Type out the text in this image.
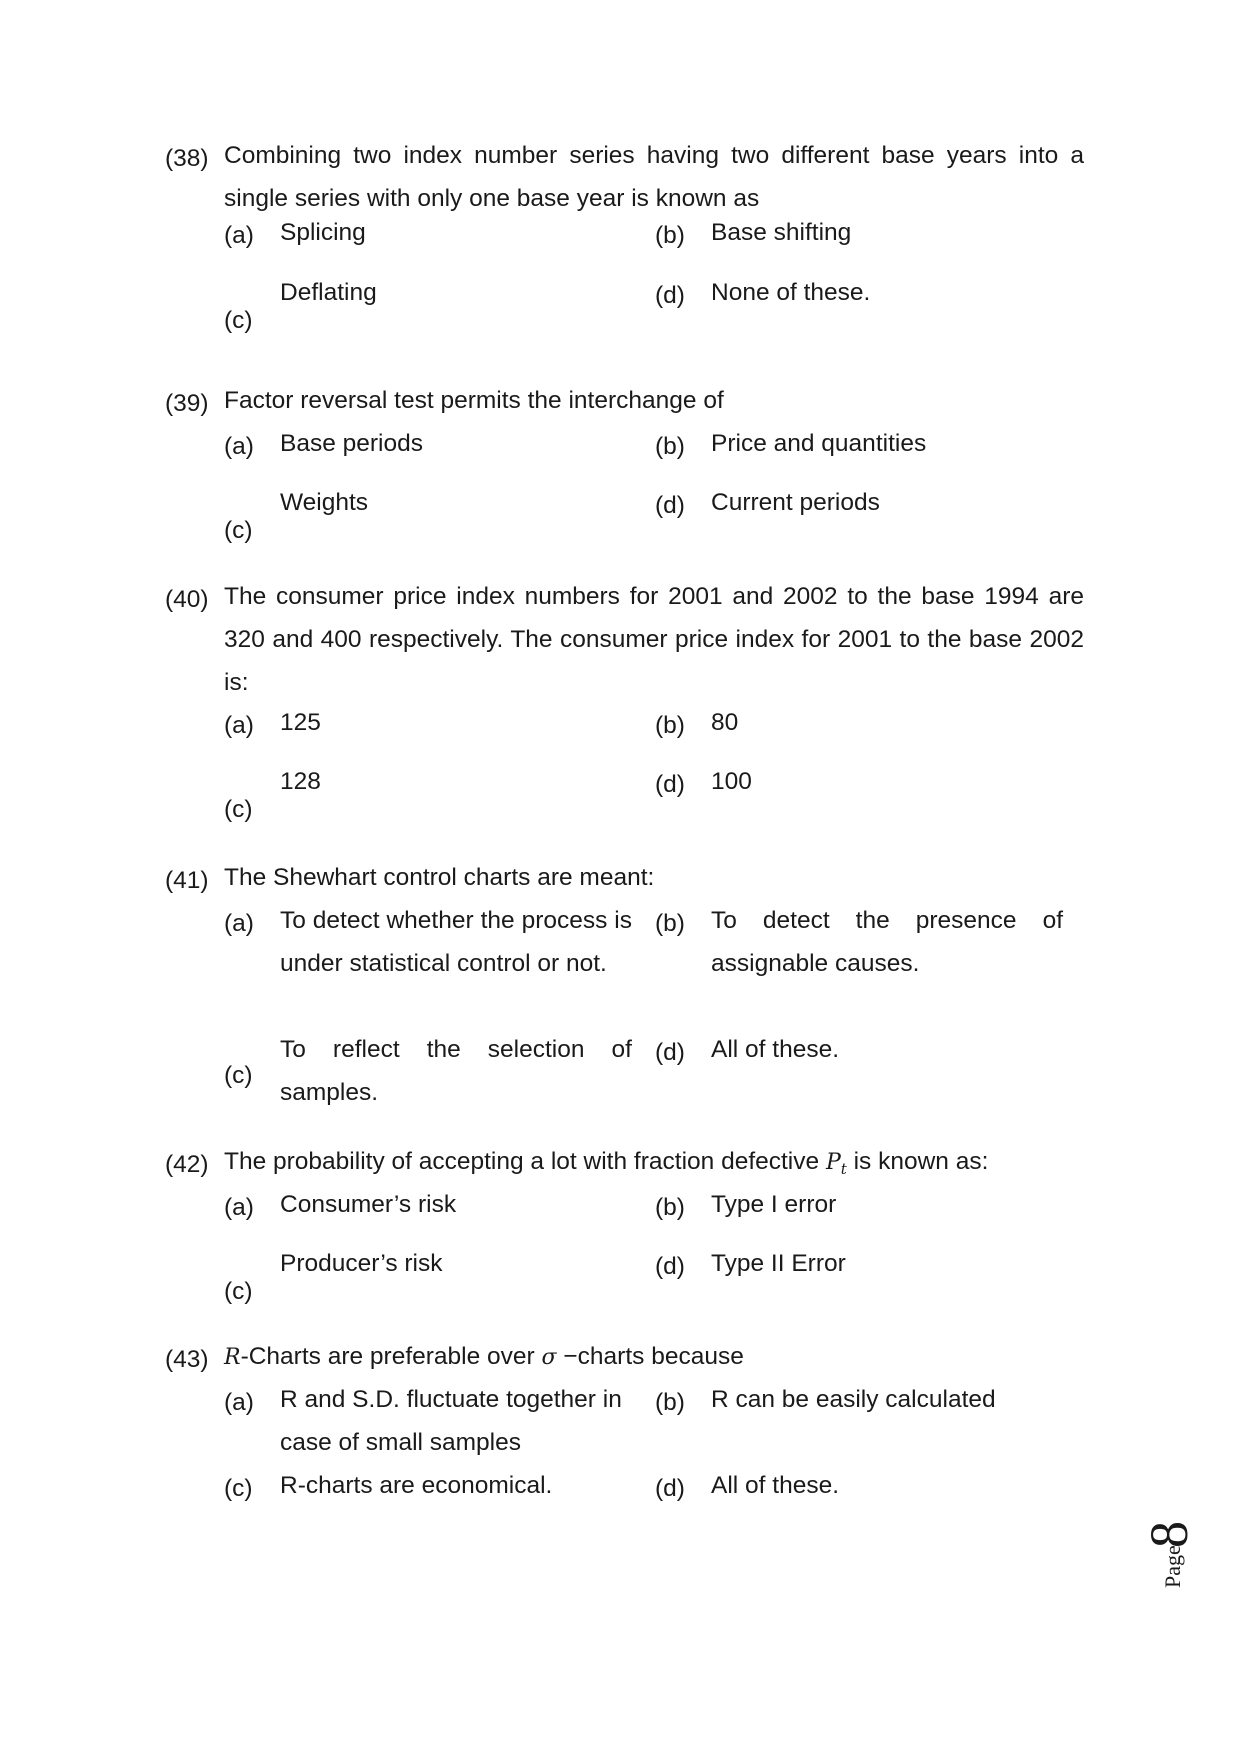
(38) Combining two index number series having two different base years into a single series with only one base year is known as
(a) Splicing	(b) Base shifting
(c)
Deflating	(d) None of these.
(39) Factor reversal test permits the interchange of
(a) Base periods	(b) Price and quantities
(c)
Weights	(d) Current periods
(40) The consumer price index numbers for 2001 and 2002 to the base 1994 are 320 and 400 respectively. The consumer price index for 2001 to the base 2002 is:
(a) 125	(b) 80
(c)
128	(d) 100
(41) The Shewhart control charts are meant:
(a) To detect whether the process is under statistical control or not.
(b) To detect the presence of assignable causes.
(c)
To reflect the selection of samples.
(d) All of these.
(42) The probability of accepting a lot with fraction defective $P_t$ is known as:
(a) Consumer’s risk	(b) Type I error
(c)
Producer’s risk	(d) Type II Error
(43) R-Charts are preferable over σ −charts because
(a) R and S.D. fluctuate together in case of small samples
(b) R can be easily calculated
(c) R-charts are economical.	(d) All of these.
Page
8
